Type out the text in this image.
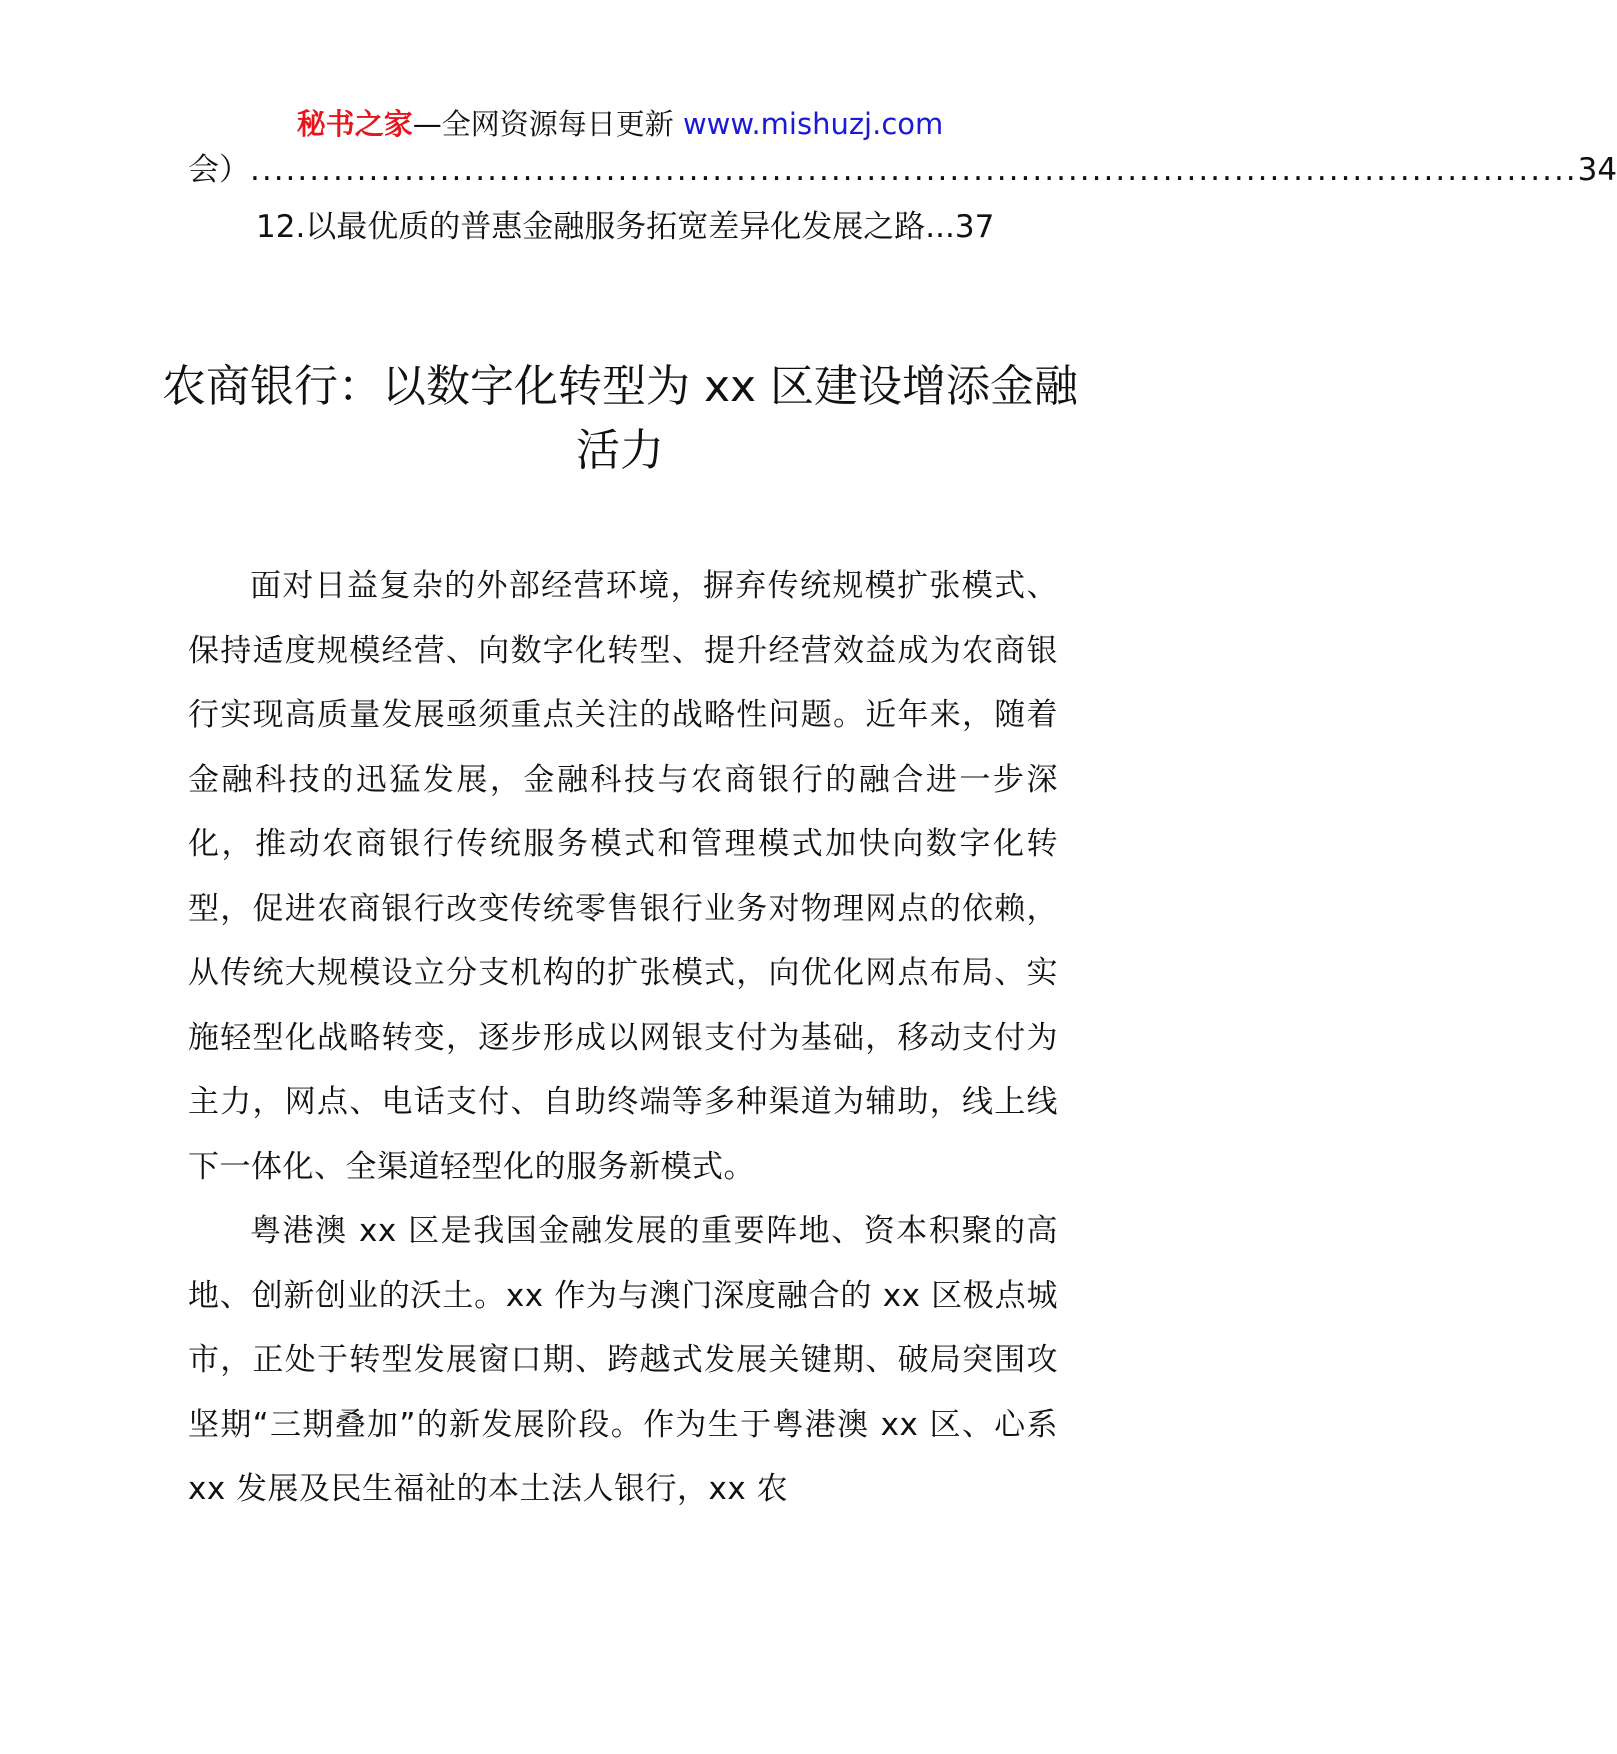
秘书之家—全网资源每日更新 www.mishuzj.com
会） ................................................................................................................ 34
12.以最优质的普惠金融服务拓宽差异化发展之路... 37
农商银行：以数字化转型为 xx 区建设增添金融活力

面对日益复杂的外部经营环境，摒弃传统规模扩张模式、保持适度规模经营、向数字化转型、提升经营效益成为农商银行实现高质量发展亟须重点关注的战略性问题。近年来，随着金融科技的迅猛发展，金融科技与农商银行的融合进一步深化，推动农商银行传统服务模式和管理模式加快向数字化转型，促进农商银行改变传统零售银行业务对物理网点的依赖，从传统大规模设立分支机构的扩张模式，向优化网点布局、实施轻型化战略转变，逐步形成以网银支付为基础，移动支付为主力，网点、电话支付、自助终端等多种渠道为辅助，线上线下一体化、全渠道轻型化的服务新模式。

粤港澳 xx 区是我国金融发展的重要阵地、资本积聚的高地、创新创业的沃土。xx 作为与澳门深度融合的 xx 区极点城市，正处于转型发展窗口期、跨越式发展关键期、破局突围攻坚期“三期叠加”的新发展阶段。作为生于粤港澳 xx 区、心系 xx 发展及民生福祉的本土法人银行，xx 农
